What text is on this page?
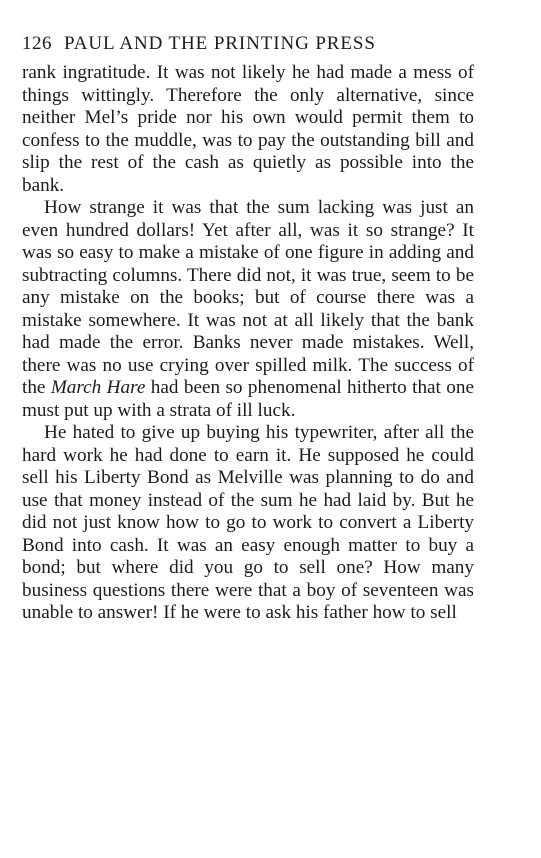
126 PAUL AND THE PRINTING PRESS

rank ingratitude. It was not likely he had made a mess of things wittingly. Therefore the only alternative, since neither Mel’s pride nor his own would permit them to confess to the muddle, was to pay the outstanding bill and slip the rest of the cash as quietly as possible into the bank.

How strange it was that the sum lacking was just an even hundred dollars! Yet after all, was it so strange? It was so easy to make a mistake of one figure in adding and subtracting columns. There did not, it was true, seem to be any mistake on the books; but of course there was a mistake somewhere. It was not at all likely that the bank had made the error. Banks never made mistakes. Well, there was no use crying over spilled milk. The success of the March Hare had been so phenomenal hitherto that one must put up with a strata of ill luck.

He hated to give up buying his typewriter, after all the hard work he had done to earn it. He supposed he could sell his Liberty Bond as Melville was planning to do and use that money instead of the sum he had laid by. But he did not just know how to go to work to convert a Liberty Bond into cash. It was an easy enough matter to buy a bond; but where did you go to sell one? How many business questions there were that a boy of seventeen was unable to answer! If he were to ask his father how to sell
